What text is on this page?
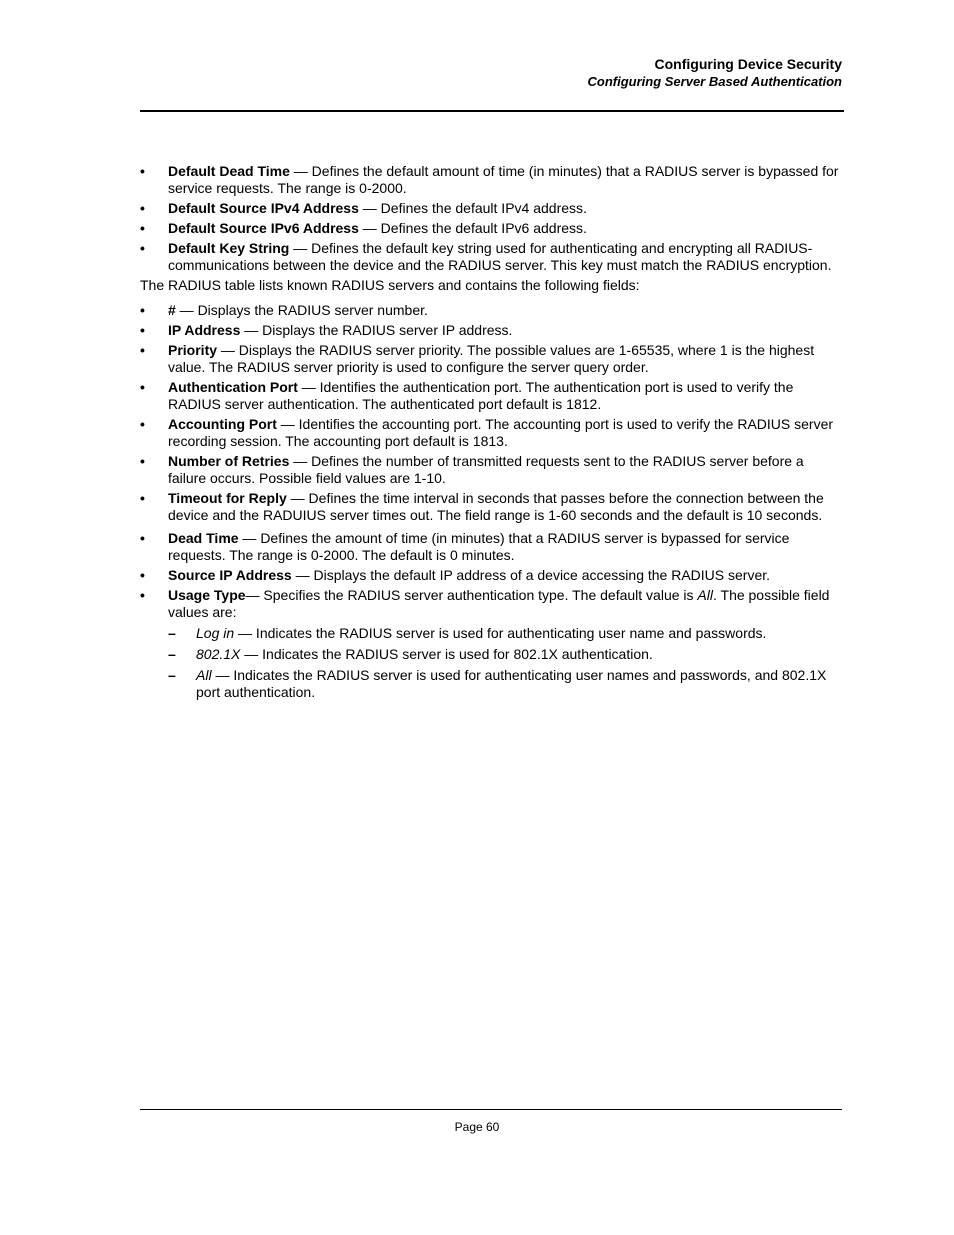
Configuring Device Security
Configuring Server Based Authentication
• Default Dead Time — Defines the default amount of time (in minutes) that a RADIUS server is bypassed for service requests. The range is 0-2000.
• Default Source IPv4 Address — Defines the default IPv4 address.
• Default Source IPv6 Address — Defines the default IPv6 address.
• Default Key String — Defines the default key string used for authenticating and encrypting all RADIUS-communications between the device and the RADIUS server. This key must match the RADIUS encryption.

The RADIUS table lists known RADIUS servers and contains the following fields:

• # — Displays the RADIUS server number.
• IP Address — Displays the RADIUS server IP address.
• Priority — Displays the RADIUS server priority. The possible values are 1-65535, where 1 is the highest value. The RADIUS server priority is used to configure the server query order.
• Authentication Port — Identifies the authentication port. The authentication port is used to verify the RADIUS server authentication. The authenticated port default is 1812.
• Accounting Port — Identifies the accounting port. The accounting port is used to verify the RADIUS server recording session. The accounting port default is 1813.
• Number of Retries — Defines the number of transmitted requests sent to the RADIUS server before a failure occurs. Possible field values are 1-10.
• Timeout for Reply — Defines the time interval in seconds that passes before the connection between the device and the RADUIUS server times out. The field range is 1-60 seconds and the default is 10 seconds.
• Dead Time — Defines the amount of time (in minutes) that a RADIUS server is bypassed for service requests. The range is 0-2000. The default is 0 minutes.
• Source IP Address — Displays the default IP address of a device accessing the RADIUS server.
• Usage Type— Specifies the RADIUS server authentication type. The default value is All. The possible field values are:
– Log in — Indicates the RADIUS server is used for authenticating user name and passwords.
– 802.1X — Indicates the RADIUS server is used for 802.1X authentication.
– All — Indicates the RADIUS server is used for authenticating user names and passwords, and 802.1X port authentication.
Page 60
